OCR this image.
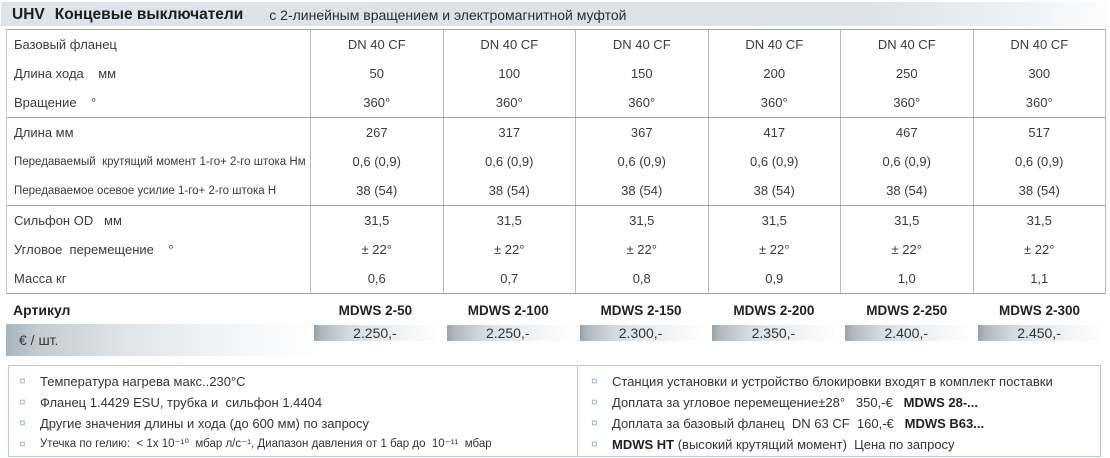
UHV Концевые выключатели с 2-линейным вращением и электромагнитной муфтой
Базовый фланец	DN 40 CF	DN 40 CF	DN 40 CF	DN 40 CF	DN 40 CF	DN 40 CF
Длина хода    мм	50	100	150	200	250	300
Вращение    °	360°	360°	360°	360°	360°	360°
Длина мм	267	317	367	417	467	517
Передаваемый  крутящий момент 1-го+ 2-го штока Нм	0,6 (0,9)	0,6 (0,9)	0,6 (0,9)	0,6 (0,9)	0,6 (0,9)	0,6 (0,9)
Передаваемое осевое усилие 1-го+ 2-го штока Н	38 (54)	38 (54)	38 (54)	38 (54)	38 (54)	38 (54)
Сильфон OD   мм	31,5	31,5	31,5	31,5	31,5	31,5
Угловое  перемещение    °	± 22°	± 22°	± 22°	± 22°	± 22°	± 22°
Масса кг	0,6	0,7	0,8	0,9	1,0	1,1
Артикул	MDWS 2-50	MDWS 2-100	MDWS 2-150	MDWS 2-200	MDWS 2-250	MDWS 2-300
€ / шт.	2.250,-	2.250,-	2.300,-	2.350,-	2.400,-	2.450,-
¤	Температура нагрева макс..230°C
¤	Фланец 1.4429 ESU, трубка и  сильфон 1.4404
¤	Другие значения длины и хода (до 600 мм) по запросу
¤	Утечка по гелию:  < 1x 10⁻¹⁰  мбар л/с⁻¹, Диапазон давления от 1 бар до  10⁻¹¹  мбар
¤	Станция установки и устройство блокировки входят в комплект поставки
¤	Доплата за угловое перемещение±28°   350,-€   MDWS 28-...
¤	Доплата за базовый фланец  DN 63 CF  160,-€   MDWS B63...
¤	MDWS HT (высокий крутящий момент)  Цена по запросу
